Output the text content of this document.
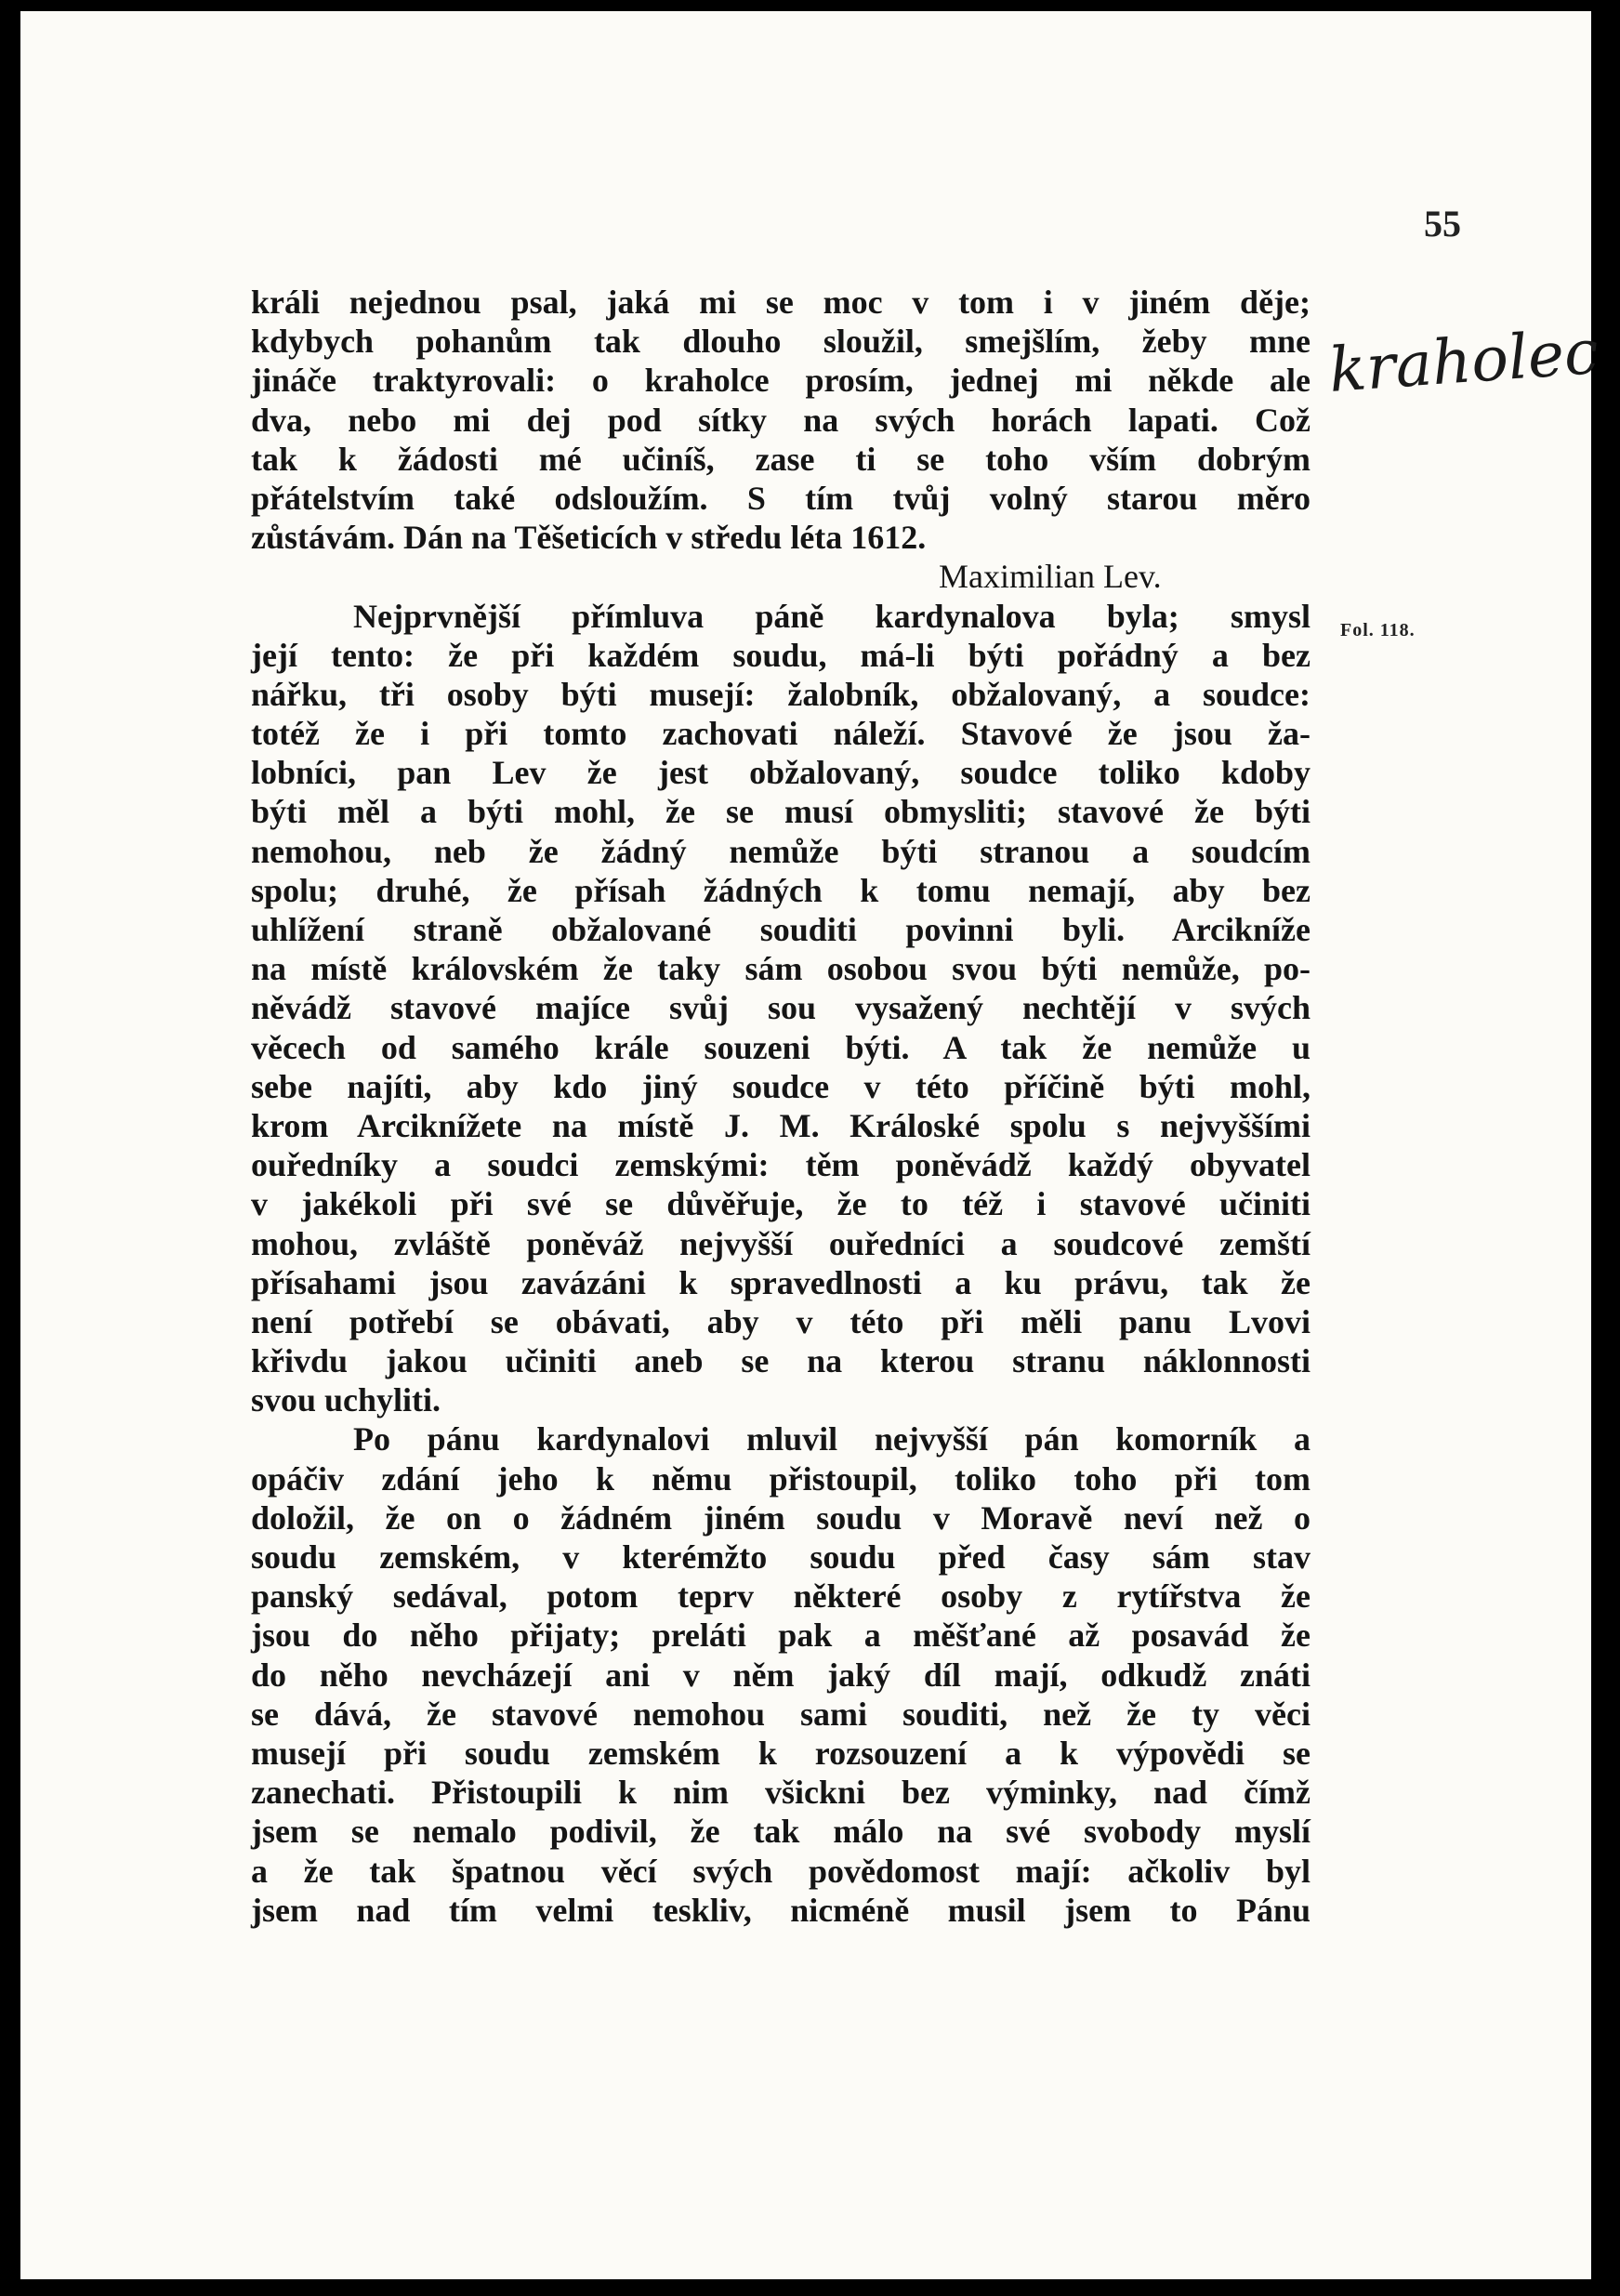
55
kraholec
Fol. 118.
králi nejednou psal, jaká mi se moc v tom i v jiném děje;
kdybych pohanům tak dlouho sloužil, smejšlím, žeby mne
jináče traktyrovali: o kraholce prosím, jednej mi někde ale
dva, nebo mi dej pod sítky na svých horách lapati. Což
tak k žádosti mé učiníš, zase ti se toho vším dobrým
přátelstvím také odsloužím. S tím tvůj volný starou měro
zůstávám. Dán na Těšeticích v středu léta 1612.
Maximilian Lev.
Nejprvnější přímluva páně kardynalova byla; smysl
její tento: že při každém soudu, má-li býti pořádný a bez
nářku, tři osoby býti musejí: žalobník, obžalovaný, a soudce:
totéž že i při tomto zachovati náleží. Stavové že jsou ža-
lobníci, pan Lev že jest obžalovaný, soudce toliko kdoby
býti měl a býti mohl, že se musí obmysliti; stavové že býti
nemohou, neb že žádný nemůže býti stranou a soudcím
spolu; druhé, že přísah žádných k tomu nemají, aby bez
uhlížení straně obžalované souditi povinni byli. Arcikníže
na místě královském že taky sám osobou svou býti nemůže, po-
něvádž stavové majíce svůj sou vysažený nechtějí v svých
věcech od samého krále souzeni býti. A tak že nemůže u
sebe najíti, aby kdo jiný soudce v této příčině býti mohl,
krom Arciknížete na místě J. M. Králoské spolu s nejvyššími
ouředníky a soudci zemskými: těm poněvádž každý obyvatel
v jakékoli při své se důvěřuje, že to též i stavové učiniti
mohou, zvláště poněváž nejvyšší ouředníci a soudcové zemští
přísahami jsou zavázáni k spravedlnosti a ku právu, tak že
není potřebí se obávati, aby v této při měli panu Lvovi
křivdu jakou učiniti aneb se na kterou stranu náklonnosti
svou uchyliti.
Po pánu kardynalovi mluvil nejvyšší pán komorník a
opáčiv zdání jeho k němu přistoupil, toliko toho při tom
doložil, že on o žádném jiném soudu v Moravě neví než o
soudu zemském, v kterémžto soudu před časy sám stav
panský sedával, potom teprv některé osoby z rytířstva že
jsou do něho přijaty; preláti pak a měšťané až posavád že
do něho nevcházejí ani v něm jaký díl mají, odkudž znáti
se dává, že stavové nemohou sami souditi, než že ty věci
musejí při soudu zemském k rozsouzení a k výpovědi se
zanechati. Přistoupili k nim všickni bez výminky, nad čímž
jsem se nemalo podivil, že tak málo na své svobody myslí
a že tak špatnou věcí svých povědomost mají: ačkoliv byl
jsem nad tím velmi teskliv, nicméně musil jsem to Pánu
